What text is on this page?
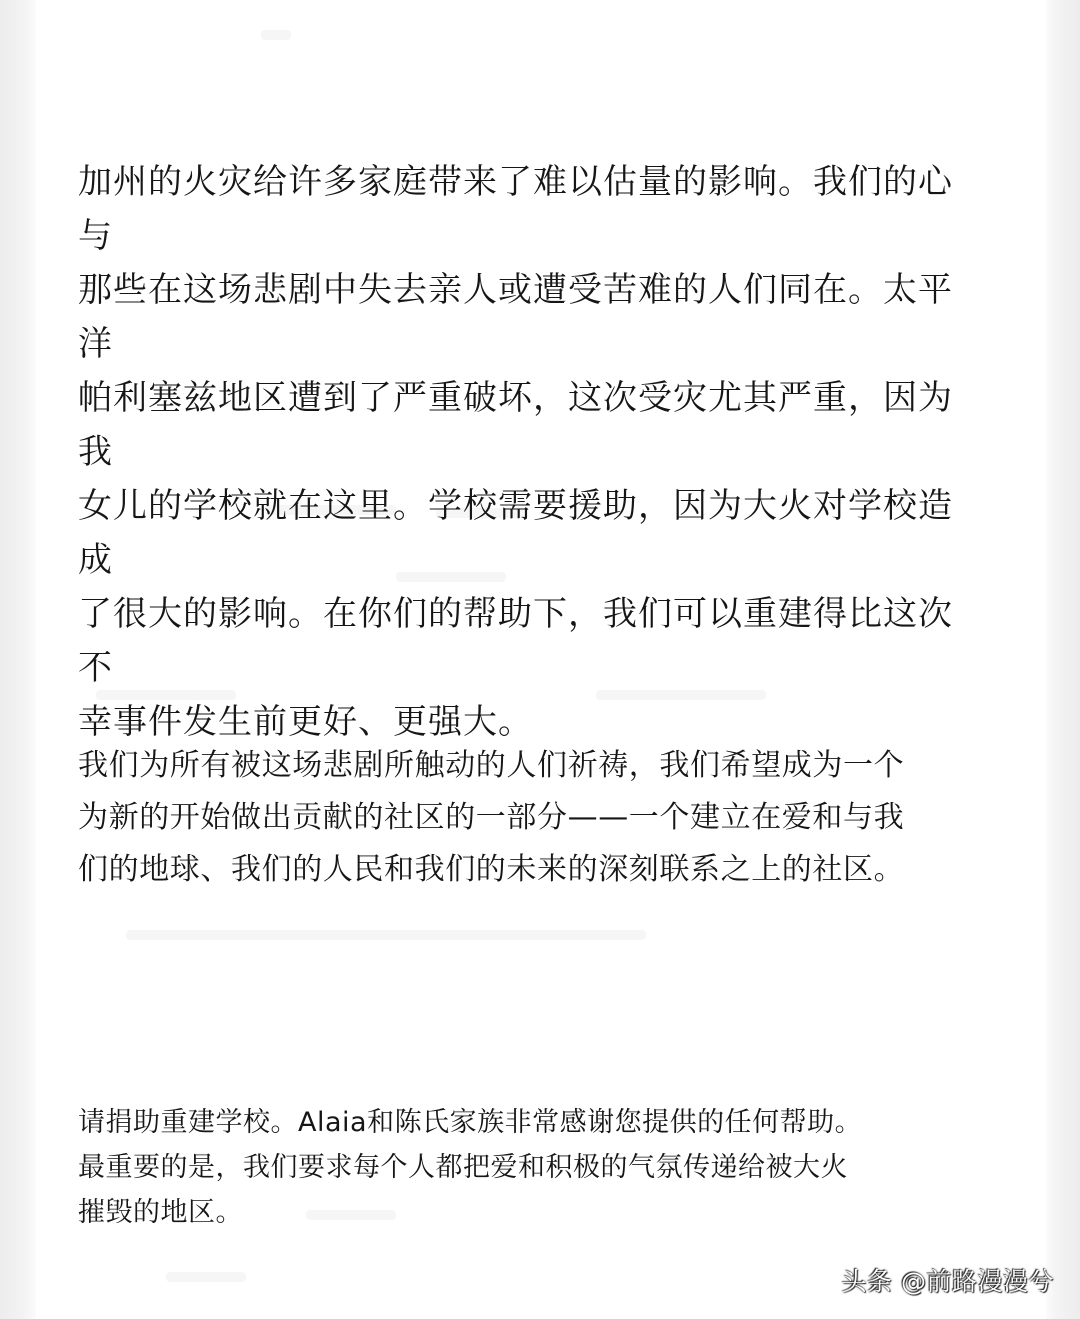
加州的火灾给许多家庭带来了难以估量的影响。我们的心与
那些在这场悲剧中失去亲人或遭受苦难的人们同在。太平洋
帕利塞兹地区遭到了严重破坏，这次受灾尤其严重，因为我
女儿的学校就在这里。学校需要援助，因为大火对学校造成
了很大的影响。在你们的帮助下，我们可以重建得比这次不
幸事件发生前更好、更强大。

我们为所有被这场悲剧所触动的人们祈祷，我们希望成为一个
为新的开始做出贡献的社区的一部分——一个建立在爱和与我
们的地球、我们的人民和我们的未来的深刻联系之上的社区。

请捐助重建学校。Alaia和陈氏家族非常感谢您提供的任何帮助。
最重要的是，我们要求每个人都把爱和积极的气氛传递给被大火
摧毁的地区。

头条 @前路漫漫兮
